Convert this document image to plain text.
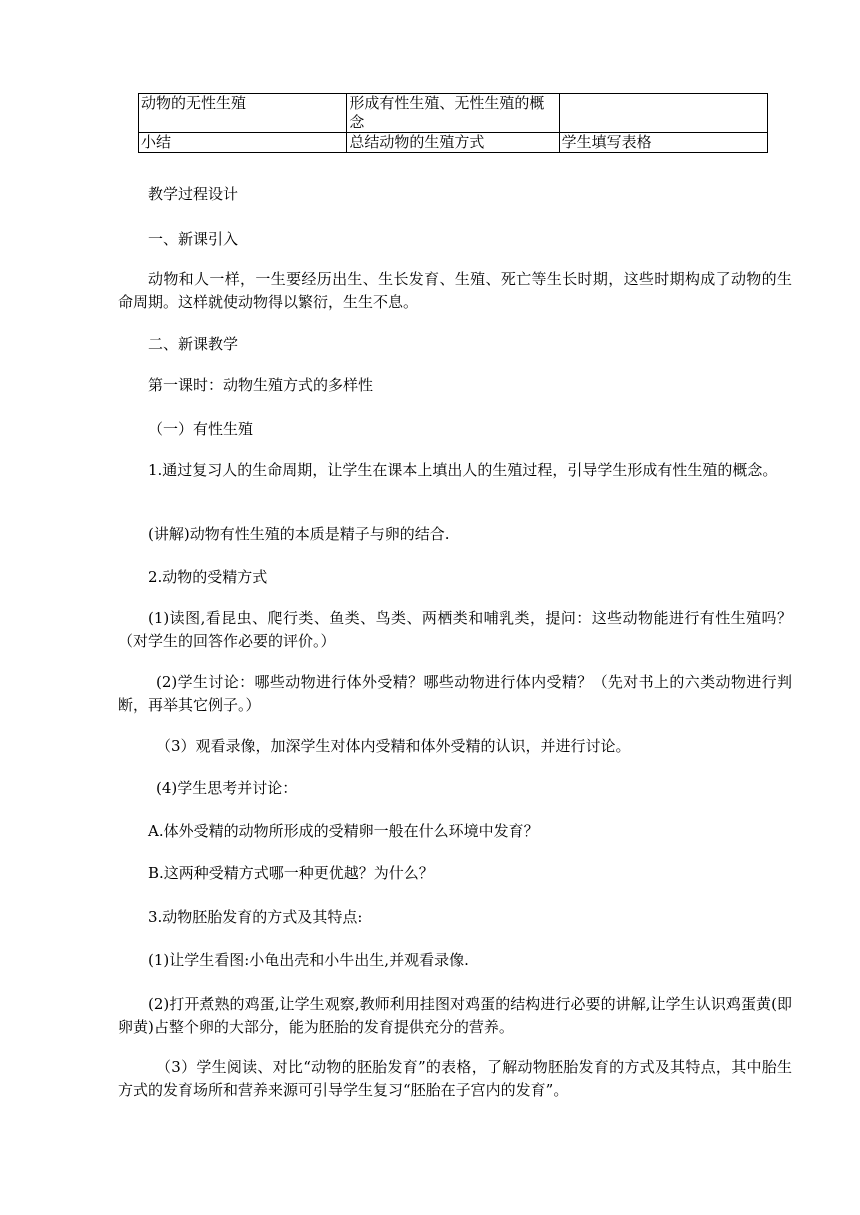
动物的无性生殖	形成有性生殖、无性生殖的概念	
小结	总结动物的生殖方式	学生填写表格

教学过程设计

一、新课引入

动物和人一样，一生要经历出生、生长发育、生殖、死亡等生长时期，这些时期构成了动物的生命周期。这样就使动物得以繁衍，生生不息。

二、新课教学

第一课时：动物生殖方式的多样性

（一）有性生殖

1.通过复习人的生命周期，让学生在课本上填出人的生殖过程，引导学生形成有性生殖的概念。

(讲解)动物有性生殖的本质是精子与卵的结合.

2.动物的受精方式

(1)读图,看昆虫、爬行类、鱼类、鸟类、两栖类和哺乳类，提问：这些动物能进行有性生殖吗？（对学生的回答作必要的评价。）

(2)学生讨论：哪些动物进行体外受精？哪些动物进行体内受精？（先对书上的六类动物进行判断，再举其它例子。）

（3）观看录像，加深学生对体内受精和体外受精的认识，并进行讨论。

(4)学生思考并讨论：

A.体外受精的动物所形成的受精卵一般在什么环境中发育？

B.这两种受精方式哪一种更优越？为什么？

3.动物胚胎发育的方式及其特点:

(1)让学生看图:小龟出壳和小牛出生,并观看录像.

(2)打开煮熟的鸡蛋,让学生观察,教师利用挂图对鸡蛋的结构进行必要的讲解,让学生认识鸡蛋黄(即卵黄)占整个卵的大部分，能为胚胎的发育提供充分的营养。

（3）学生阅读、对比“动物的胚胎发育”的表格，了解动物胚胎发育的方式及其特点，其中胎生方式的发育场所和营养来源可引导学生复习“胚胎在子宫内的发育”。
